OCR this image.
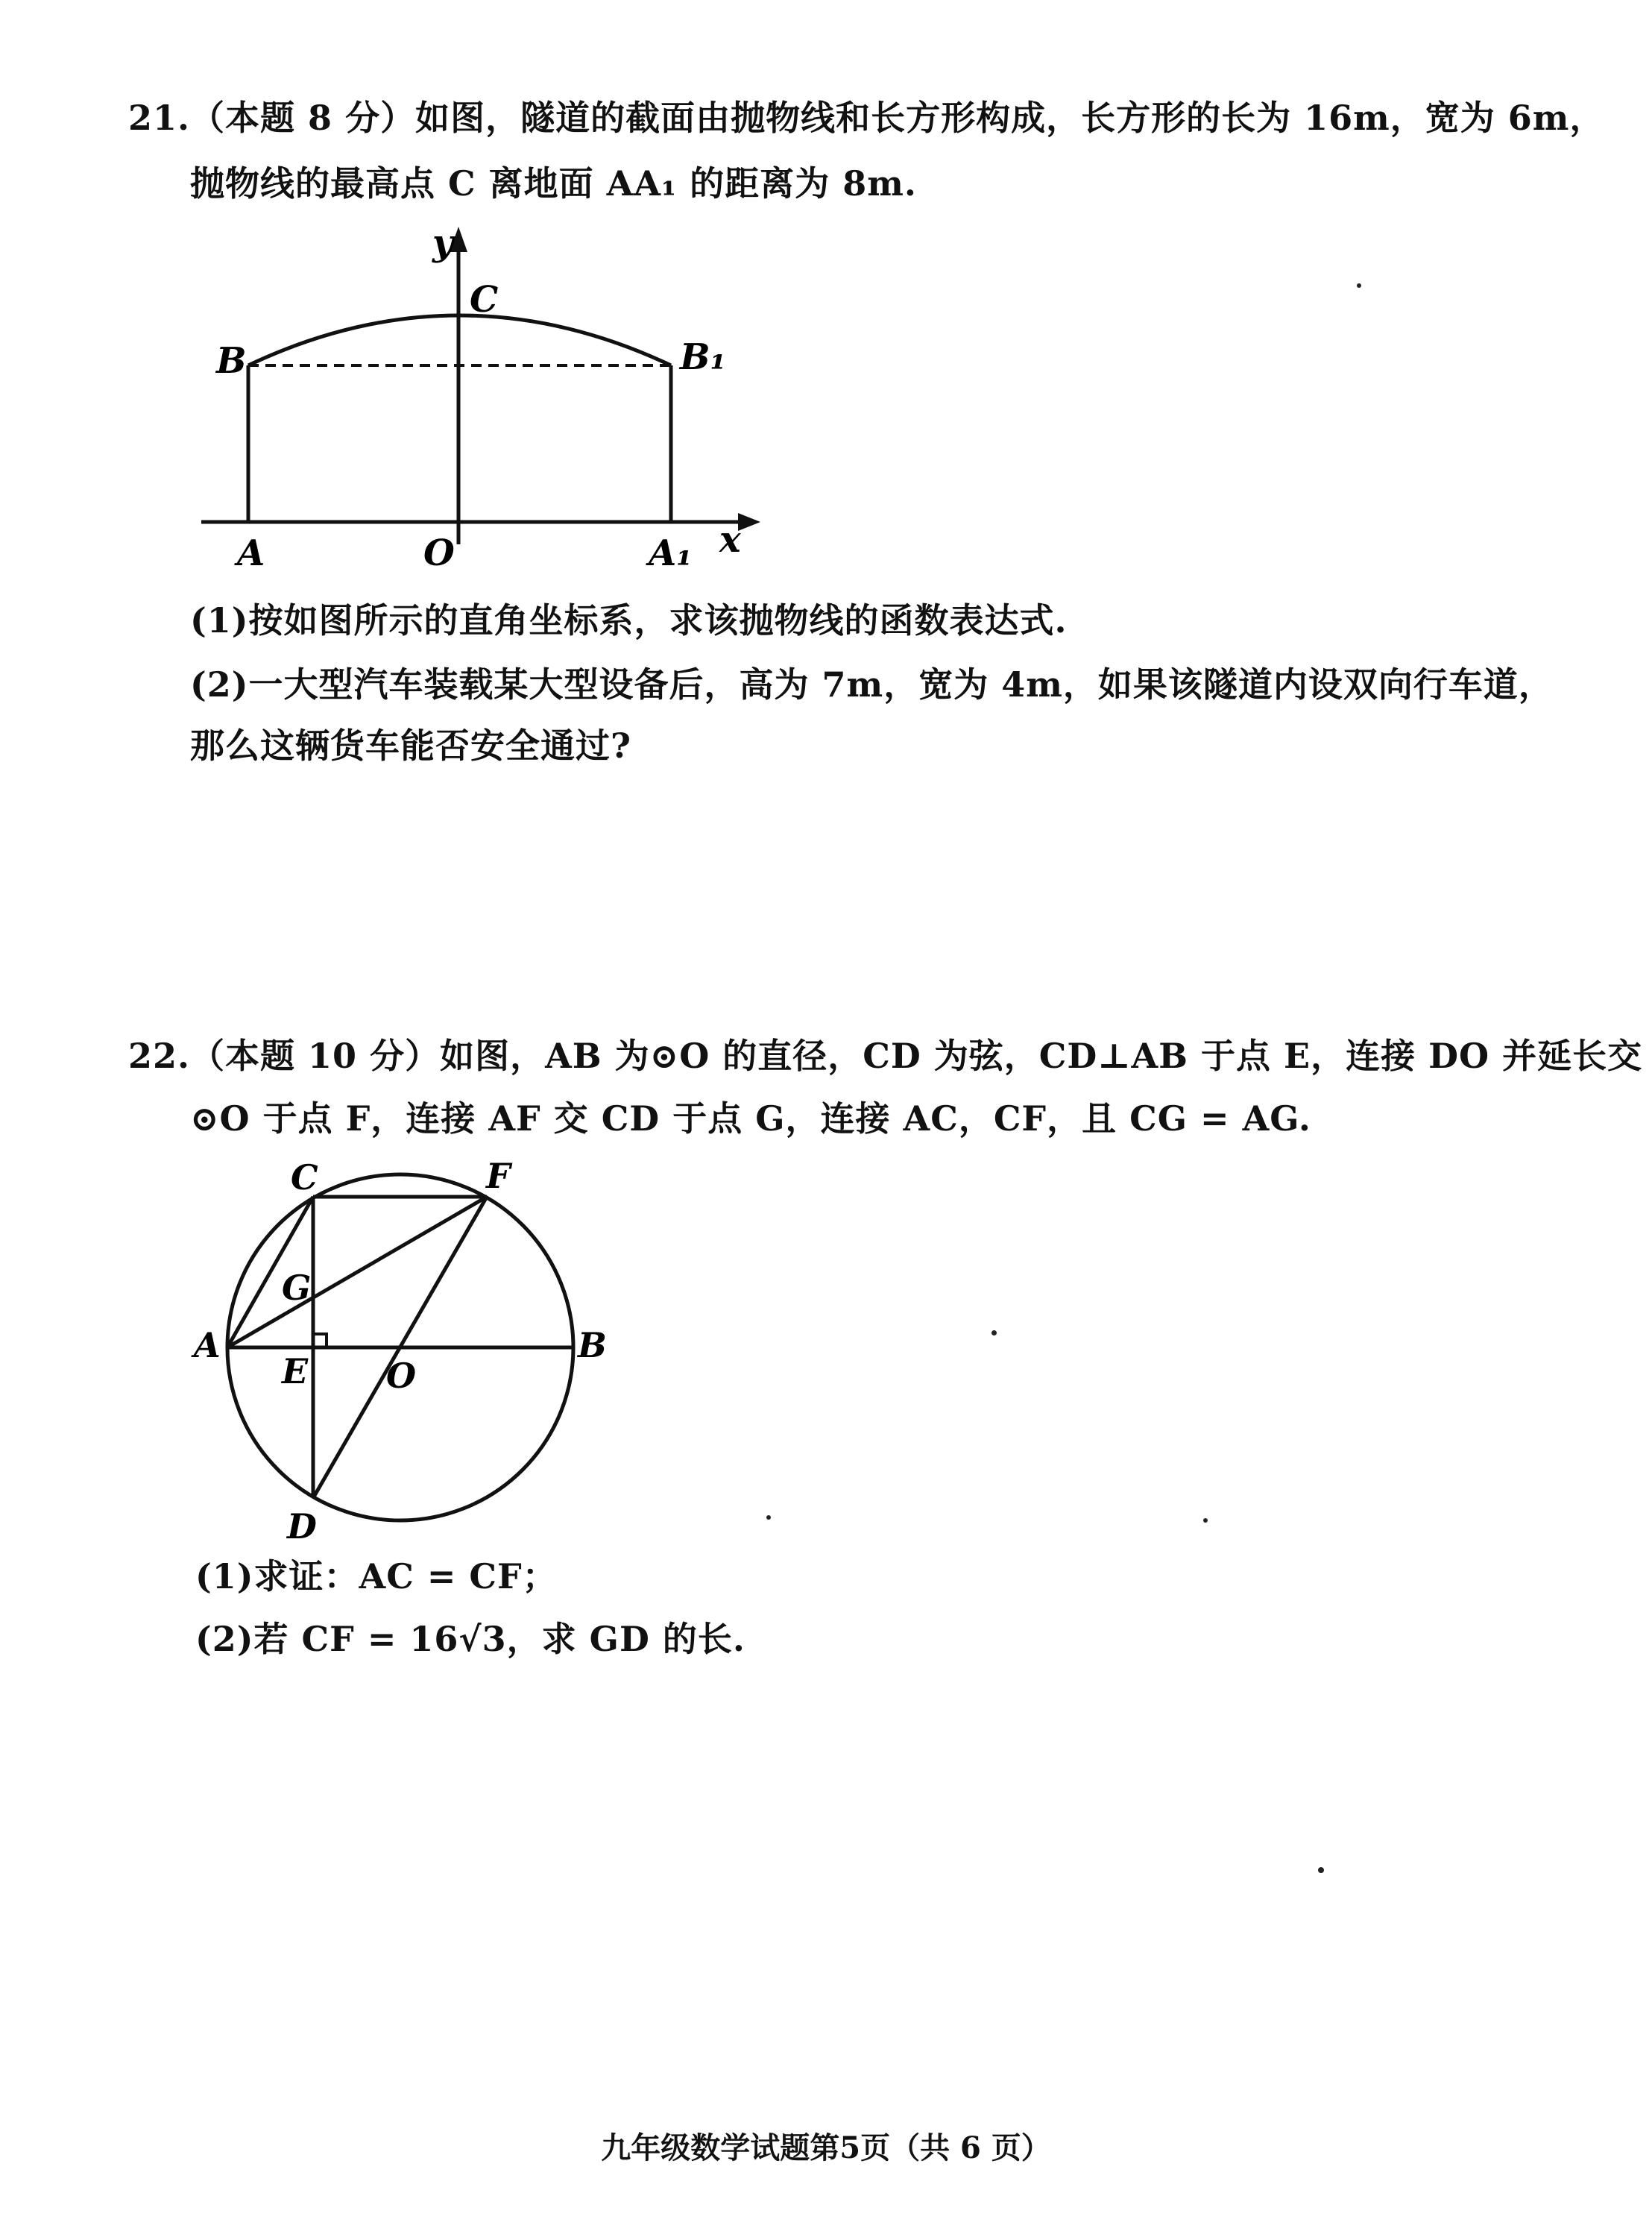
21.（本题 8 分）如图，隧道的截面由抛物线和长方形构成，长方形的长为 16m，宽为 6m，
抛物线的最高点 C 离地面 AA₁ 的距离为 8m.
y
C
B	B₁
A	O	A₁ x
(1)按如图所示的直角坐标系，求该抛物线的函数表达式.
(2)一大型汽车装载某大型设备后，高为 7m，宽为 4m，如果该隧道内设双向行车道，
那么这辆货车能否安全通过?
22.（本题 10 分）如图，AB 为⊙O 的直径，CD 为弦，CD⊥AB 于点 E，连接 DO 并延长交
⊙O 于点 F，连接 AF 交 CD 于点 G，连接 AC，CF，且 CG = AG.
C	F
G
A
E O
B
D
(1)求证：AC = CF；
(2)若 CF = 16√3，求 GD 的长.
九年级数学试题第5页（共 6 页）
